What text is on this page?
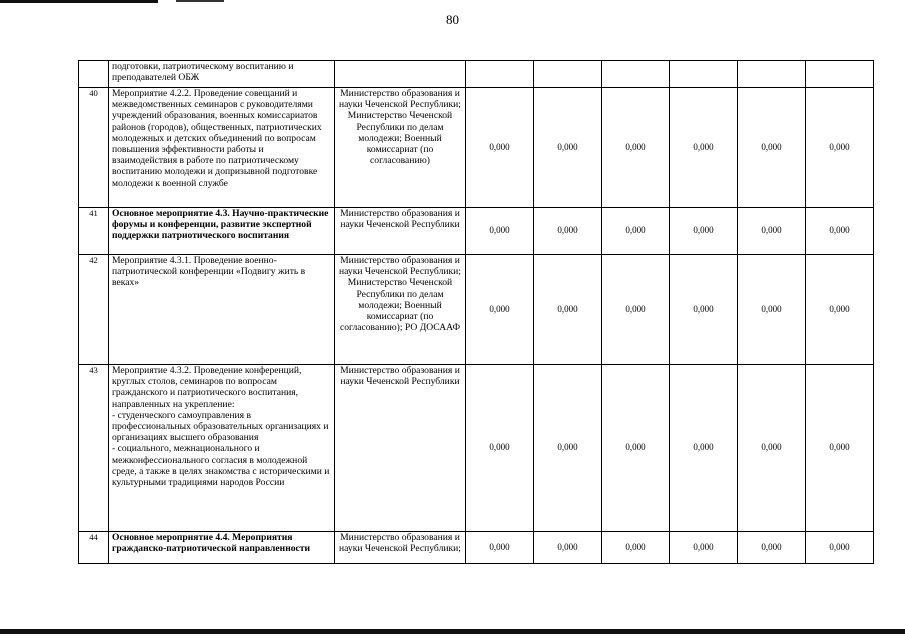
80
	подготовки, патриотическому воспитанию и преподавателей ОБЖ							
40	Мероприятие 4.2.2. Проведение совещаний и межведомственных семинаров с руководителями учреждений образования, военных комиссариатов районов (городов), общественных, патриотических молодежных и детских объединений по вопросам повышения эффективности работы и взаимодействия в работе по патриотическому воспитанию молодежи и допризывной подготовке молодежи к военной службе	Министерство образования и науки Чеченской Республики; Министерство Чеченской Республики по делам молодежи; Военный комиссариат (по согласованию)	0,000	0,000	0,000	0,000	0,000	0,000
41	Основное мероприятие 4.3. Научно-практические форумы и конференции, развитие экспертной поддержки патриотического воспитания	Министерство образования и науки Чеченской Республики	0,000	0,000	0,000	0,000	0,000	0,000
42	Мероприятие 4.3.1. Проведение военно-патриотической конференции «Подвигу жить в веках»	Министерство образования и науки Чеченской Республики; Министерство Чеченской Республики по делам молодежи; Военный комиссариат (по согласованию); РО ДОСААФ	0,000	0,000	0,000	0,000	0,000	0,000
43	Мероприятие 4.3.2. Проведение конференций, круглых столов, семинаров по вопросам гражданского и патриотического воспитания, направленных на укрепление:
- студенческого самоуправления в профессиональных образовательных организациях и организациях высшего образования
- социального, межнационального и межконфессионального согласия в молодежной среде, а также в целях знакомства с историческими и культурными традициями народов России	Министерство образования и науки Чеченской Республики	0,000	0,000	0,000	0,000	0,000	0,000
44	Основное мероприятие 4.4. Мероприятия гражданско-патриотической направленности	Министерство образования и науки Чеченской Республики;	0,000	0,000	0,000	0,000	0,000	0,000
